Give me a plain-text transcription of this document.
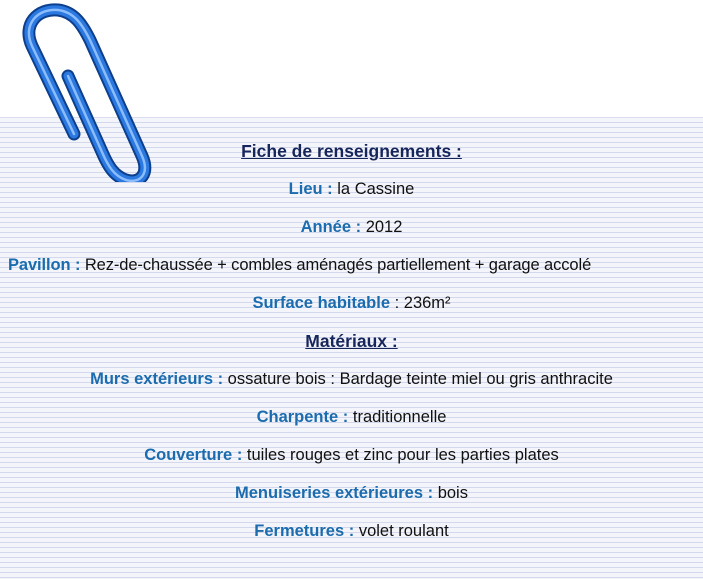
Fiche de renseignements :
Lieu : la Cassine
Année : 2012
Pavillon : Rez-de-chaussée + combles aménagés partiellement + garage accolé
Surface habitable : 236m²
Matériaux :
Murs extérieurs : ossature bois : Bardage teinte miel ou gris anthracite
Charpente : traditionnelle
Couverture : tuiles rouges et zinc pour les parties plates
Menuiseries extérieures : bois
Fermetures : volet roulant
